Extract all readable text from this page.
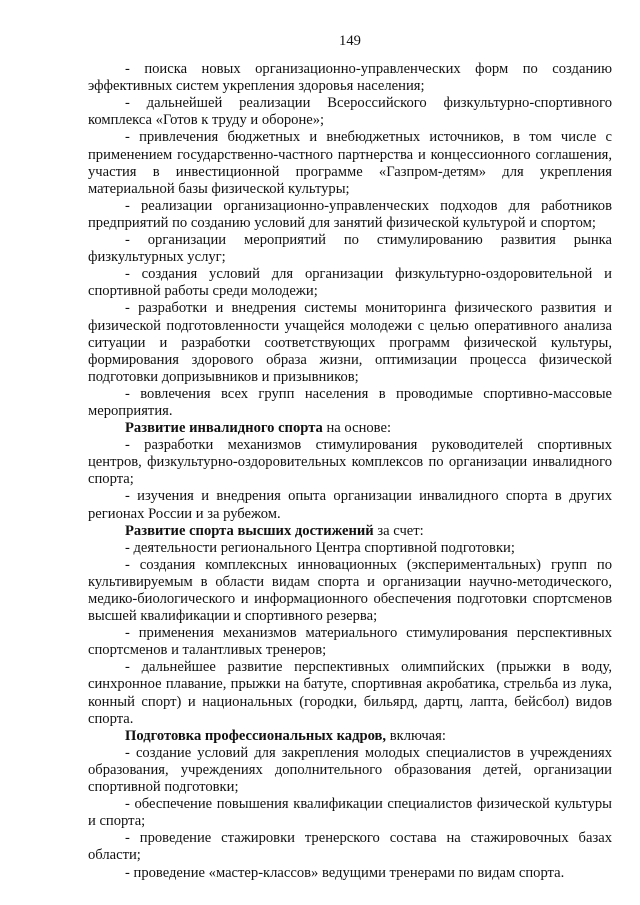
149

- поиска новых организационно-управленческих форм по созданию эффективных систем укрепления здоровья населения;

- дальнейшей реализации Всероссийского физкультурно-спортивного комплекса «Готов к труду и обороне»;

- привлечения бюджетных и внебюджетных источников, в том числе с применением государственно-частного партнерства и концессионного соглашения, участия в инвестиционной программе «Газпром-детям» для укрепления материальной базы физической культуры;

- реализации организационно-управленческих подходов для работников предприятий по созданию условий для занятий физической культурой и спортом;

- организации мероприятий по стимулированию развития рынка физкультурных услуг;

- создания условий для организации физкультурно-оздоровительной и спортивной работы среди молодежи;

- разработки и внедрения системы мониторинга физического развития и физической подготовленности учащейся молодежи с целью оперативного анализа ситуации и разработки соответствующих программ физической культуры, формирования здорового образа жизни, оптимизации процесса физической подготовки допризывников и призывников;

- вовлечения всех групп населения в проводимые спортивно-массовые мероприятия.

Развитие инвалидного спорта на основе:

- разработки механизмов стимулирования руководителей спортивных центров, физкультурно-оздоровительных комплексов по организации инвалидного спорта;

- изучения и внедрения опыта организации инвалидного спорта в других регионах России и за рубежом.

Развитие спорта высших достижений за счет:

- деятельности регионального Центра спортивной подготовки;

- создания комплексных инновационных (экспериментальных) групп по культивируемым в области видам спорта и организации научно-методического, медико-биологического и информационного обеспечения подготовки спортсменов высшей квалификации и спортивного резерва;

- применения механизмов материального стимулирования перспективных спортсменов и талантливых тренеров;

- дальнейшее развитие перспективных олимпийских (прыжки в воду, синхронное плавание, прыжки на батуте, спортивная акробатика, стрельба из лука, конный спорт) и национальных (городки, бильярд, дартц, лапта, бейсбол) видов спорта.

Подготовка профессиональных кадров, включая:

- создание условий для закрепления молодых специалистов в учреждениях образования, учреждениях дополнительного образования детей, организации спортивной подготовки;

- обеспечение повышения квалификации специалистов физической культуры и спорта;

- проведение стажировки тренерского состава на стажировочных базах области;

- проведение «мастер-классов» ведущими тренерами по видам спорта.
